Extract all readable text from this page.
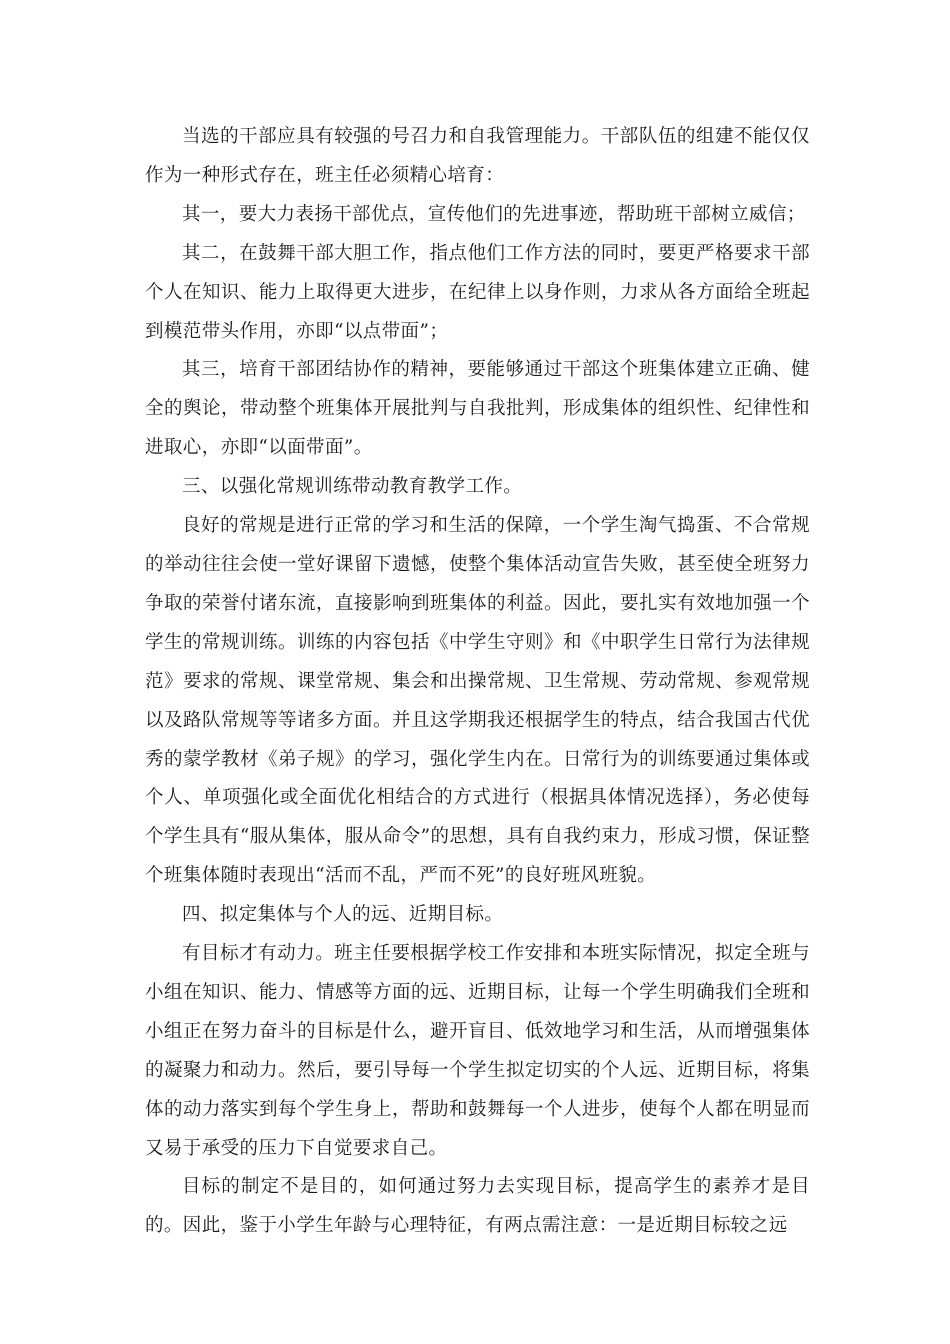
当选的干部应具有较强的号召力和自我管理能力。干部队伍的组建不能仅仅作为一种形式存在，班主任必须精心培育：

其一，要大力表扬干部优点，宣传他们的先进事迹，帮助班干部树立威信；

其二，在鼓舞干部大胆工作，指点他们工作方法的同时，要更严格要求干部个人在知识、能力上取得更大进步，在纪律上以身作则，力求从各方面给全班起到模范带头作用，亦即“以点带面”；

其三，培育干部团结协作的精神，要能够通过干部这个班集体建立正确、健全的舆论，带动整个班集体开展批判与自我批判，形成集体的组织性、纪律性和进取心，亦即“以面带面”。

三、以强化常规训练带动教育教学工作。

良好的常规是进行正常的学习和生活的保障，一个学生淘气捣蛋、不合常规的举动往往会使一堂好课留下遗憾，使整个集体活动宣告失败，甚至使全班努力争取的荣誉付诸东流，直接影响到班集体的利益。因此，要扎实有效地加强一个学生的常规训练。训练的内容包括《中学生守则》和《中职学生日常行为法律规范》要求的常规、课堂常规、集会和出操常规、卫生常规、劳动常规、参观常规以及路队常规等等诸多方面。并且这学期我还根据学生的特点，结合我国古代优秀的蒙学教材《弟子规》的学习，强化学生内在。日常行为的训练要通过集体或个人、单项强化或全面优化相结合的方式进行（根据具体情况选择），务必使每个学生具有“服从集体，服从命令”的思想，具有自我约束力，形成习惯，保证整个班集体随时表现出“活而不乱，严而不死”的良好班风班貌。

四、拟定集体与个人的远、近期目标。

有目标才有动力。班主任要根据学校工作安排和本班实际情况，拟定全班与小组在知识、能力、情感等方面的远、近期目标，让每一个学生明确我们全班和小组正在努力奋斗的目标是什么，避开盲目、低效地学习和生活，从而增强集体的凝聚力和动力。然后，要引导每一个学生拟定切实的个人远、近期目标，将集体的动力落实到每个学生身上，帮助和鼓舞每一个人进步，使每个人都在明显而又易于承受的压力下自觉要求自己。

目标的制定不是目的，如何通过努力去实现目标，提高学生的素养才是目的。因此，鉴于小学生年龄与心理特征，有两点需注意：一是近期目标较之远
